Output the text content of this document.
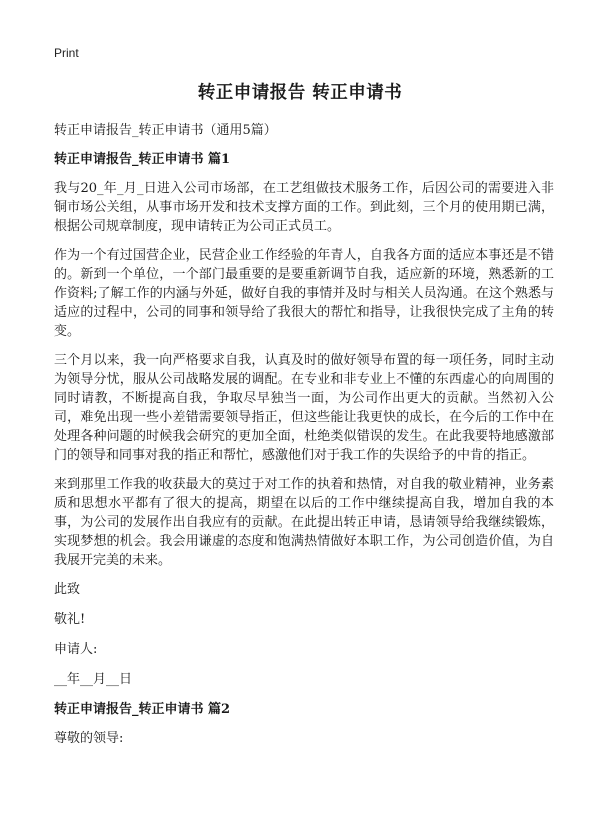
Print
转正申请报告 转正申请书
转正申请报告_转正申请书（通用5篇）
转正申请报告_转正申请书 篇1

我与20_年_月_日进入公司市场部，在工艺组做技术服务工作，后因公司的需要进入非铜市场公关组，从事市场开发和技术支撑方面的工作。到此刻，三个月的使用期已满，根据公司规章制度，现申请转正为公司正式员工。

作为一个有过国营企业，民营企业工作经验的年青人，自我各方面的适应本事还是不错的。新到一个单位，一个部门最重要的是要重新调节自我，适应新的环境，熟悉新的工作资料;了解工作的内涵与外延，做好自我的事情并及时与相关人员沟通。在这个熟悉与适应的过程中，公司的同事和领导给了我很大的帮忙和指导，让我很快完成了主角的转变。

三个月以来，我一向严格要求自我，认真及时的做好领导布置的每一项任务，同时主动为领导分忧，服从公司战略发展的调配。在专业和非专业上不懂的东西虚心的向周围的同时请教，不断提高自我，争取尽早独当一面，为公司作出更大的贡献。当然初入公司，难免出现一些小差错需要领导指正，但这些能让我更快的成长，在今后的工作中在处理各种问题的时候我会研究的更加全面，杜绝类似错误的发生。在此我要特地感激部门的领导和同事对我的指正和帮忙，感激他们对于我工作的失误给予的中肯的指正。

来到那里工作我的收获最大的莫过于对工作的执着和热情，对自我的敬业精神，业务素质和思想水平都有了很大的提高，期望在以后的工作中继续提高自我，增加自我的本事，为公司的发展作出自我应有的贡献。在此提出转正申请，恳请领导给我继续锻炼，实现梦想的机会。我会用谦虚的态度和饱满热情做好本职工作，为公司创造价值，为自我展开完美的未来。

此致
敬礼!
申请人:
__年__月__日
转正申请报告_转正申请书 篇2
尊敬的领导:
